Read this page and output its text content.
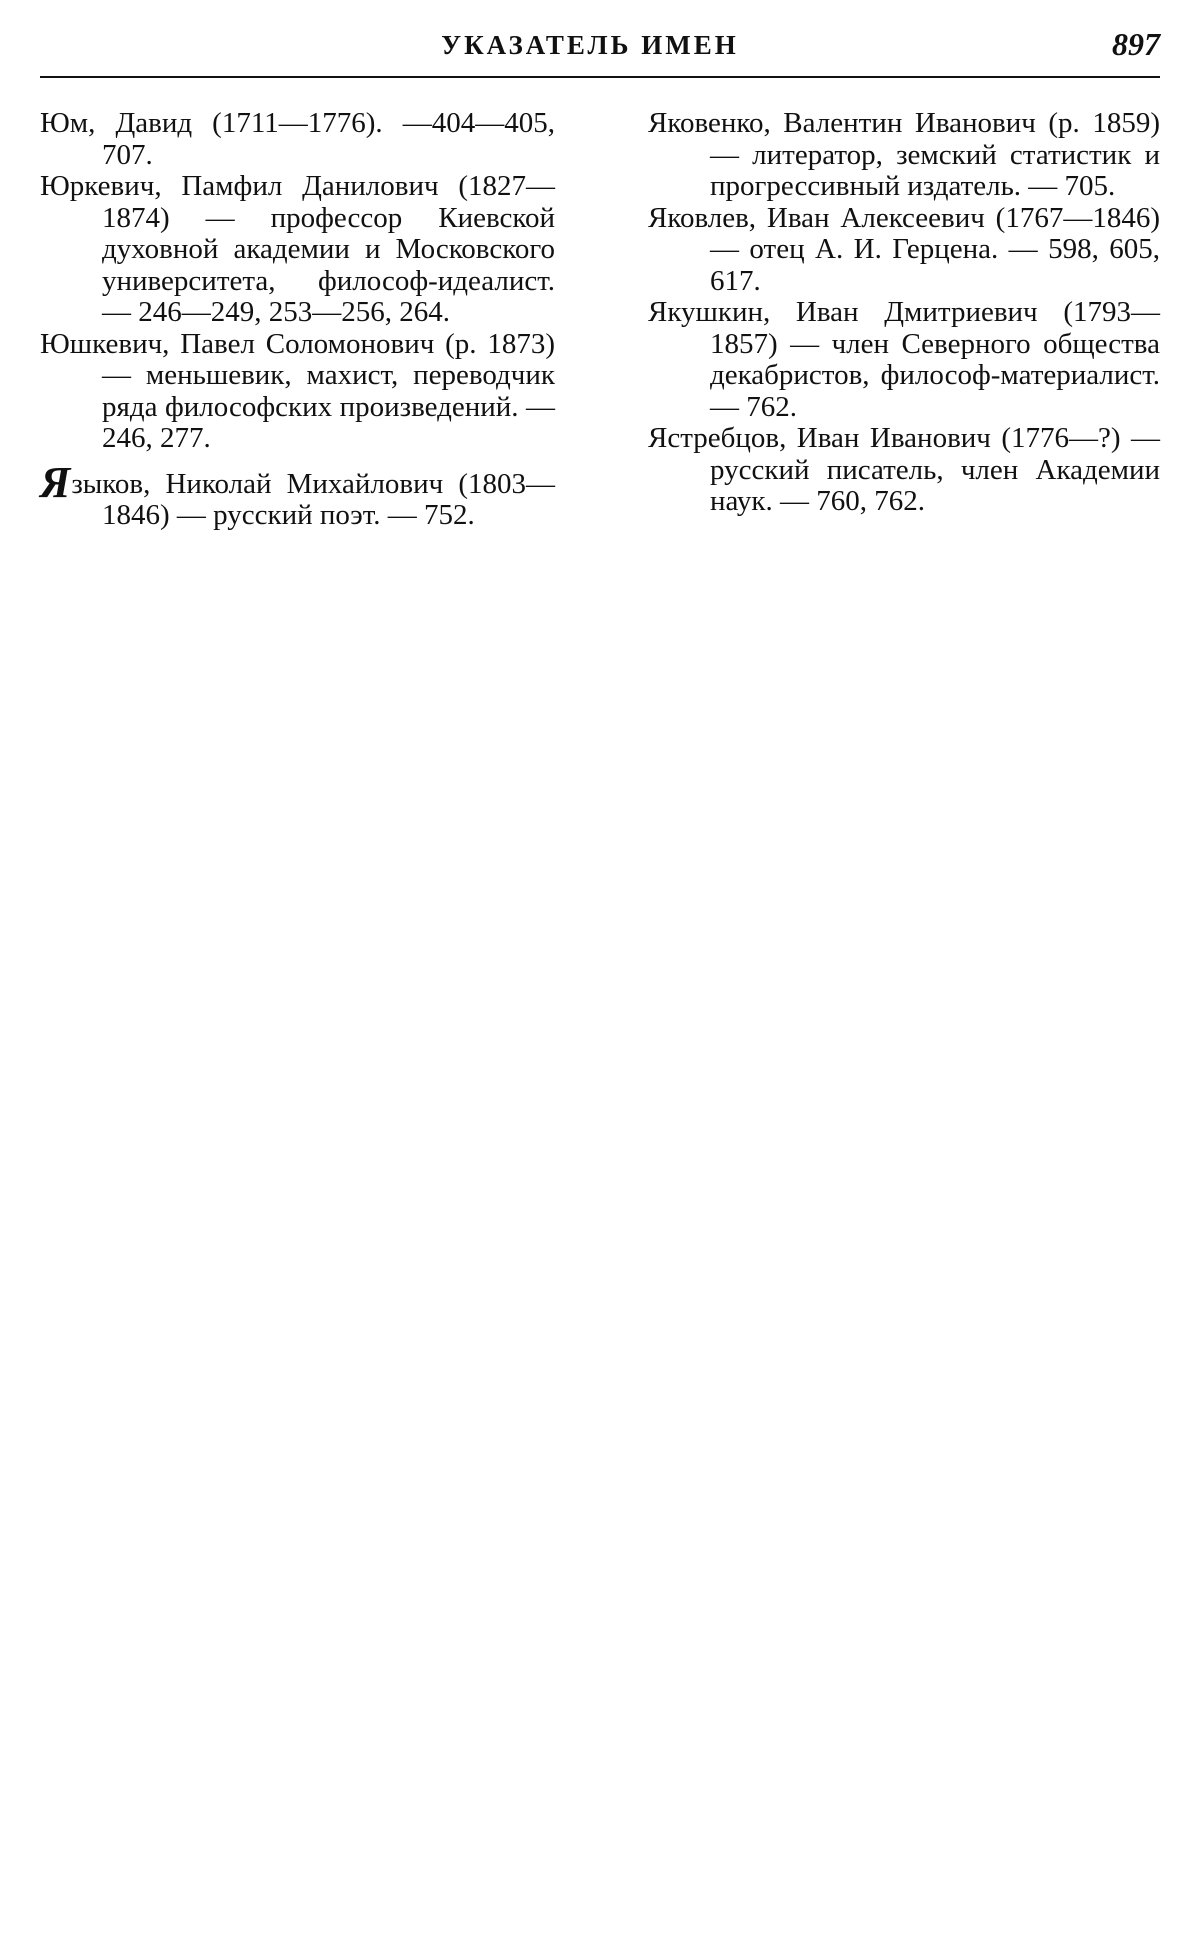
УКАЗАТЕЛЬ ИМЕН	897

Юм, Давид (1711—1776). —404—405, 707.

Юркевич, Памфил Данилович (1827—1874) — профессор Киевской духовной академии и Московского университета, философ-идеалист. — 246—249, 253—256, 264.

Юшкевич, Павел Соломонович (р. 1873) — меньшевик, махист, переводчик ряда философских произведений. — 246, 277.

Языков, Николай Михайлович (1803—1846) — русский поэт. — 752.

Яковенко, Валентин Иванович (р. 1859) — литератор, земский статистик и прогрессивный издатель. — 705.

Яковлев, Иван Алексеевич (1767—1846) — отец А. И. Герцена. — 598, 605, 617.

Якушкин, Иван Дмитриевич (1793—1857) — член Северного общества декабристов, философ-материалист. — 762.

Ястребцов, Иван Иванович (1776—?) — русский писатель, член Академии наук. — 760, 762.
